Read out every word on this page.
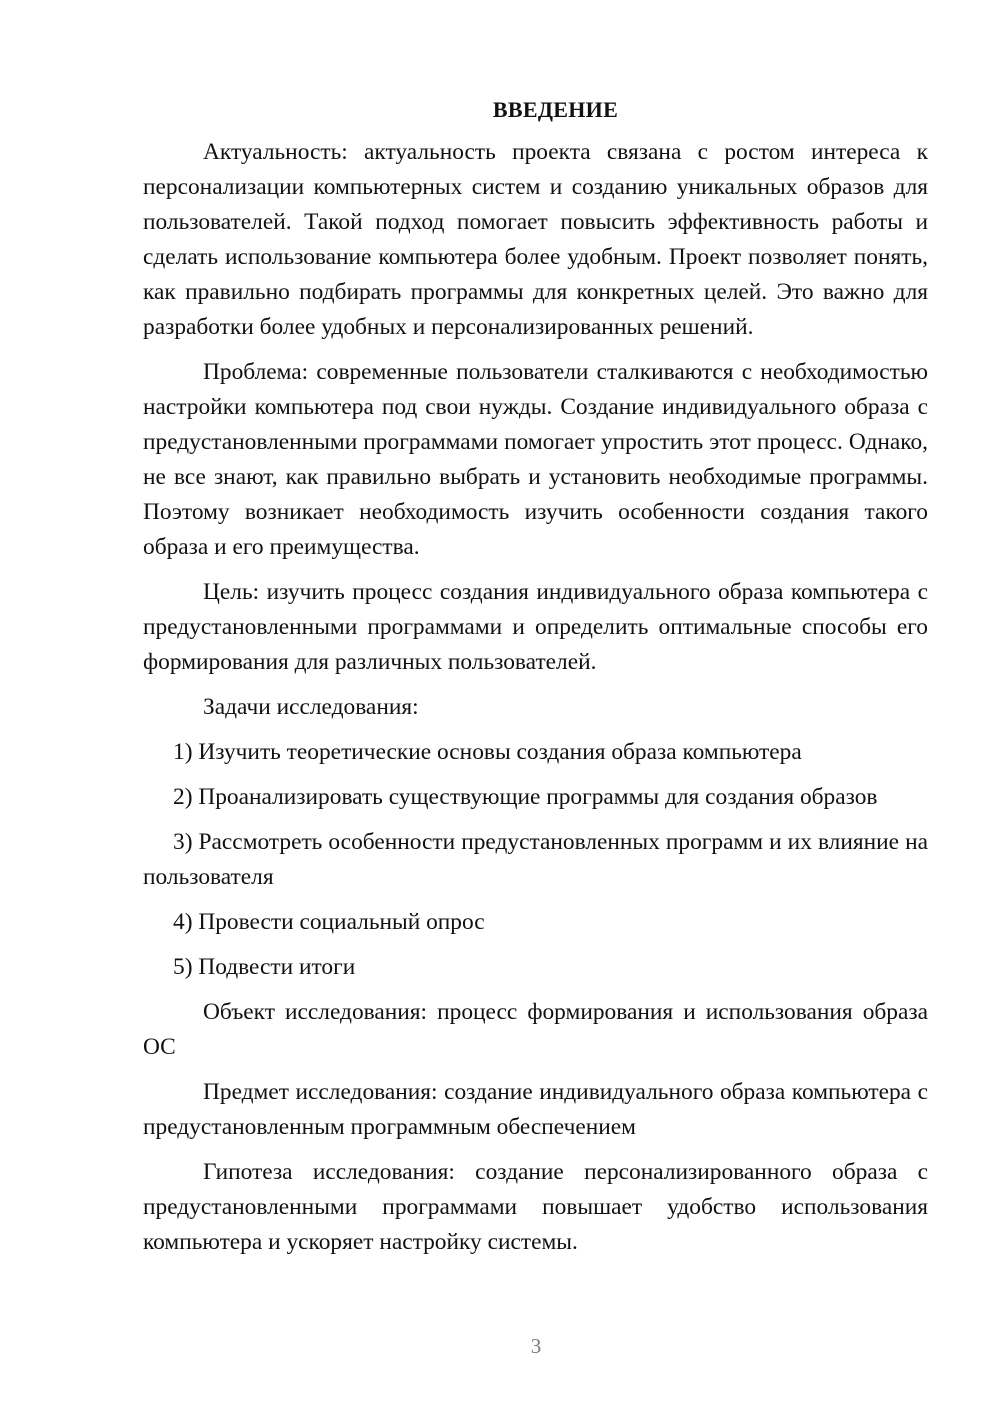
ВВЕДЕНИЕ

Актуальность: актуальность проекта связана с ростом интереса к персонализации компьютерных систем и созданию уникальных образов для пользователей. Такой подход помогает повысить эффективность работы и сделать использование компьютера более удобным. Проект позволяет понять, как правильно подбирать программы для конкретных целей. Это важно для разработки более удобных и персонализированных решений.

Проблема: современные пользователи сталкиваются с необходимостью настройки компьютера под свои нужды. Создание индивидуального образа с предустановленными программами помогает упростить этот процесс. Однако, не все знают, как правильно выбрать и установить необходимые программы. Поэтому возникает необходимость изучить особенности создания такого образа и его преимущества.

Цель: изучить процесс создания индивидуального образа компьютера с предустановленными программами и определить оптимальные способы его формирования для различных пользователей.

Задачи исследования:

1) Изучить теоретические основы создания образа компьютера

2) Проанализировать существующие программы для создания образов

3) Рассмотреть особенности предустановленных программ и их влияние на пользователя

4) Провести социальный опрос

5) Подвести итоги

Объект исследования: процесс формирования и использования образа ОС

Предмет исследования: создание индивидуального образа компьютера с предустановленным программным обеспечением

Гипотеза исследования: создание персонализированного образа с предустановленными программами повышает удобство использования компьютера и ускоряет настройку системы.

3
